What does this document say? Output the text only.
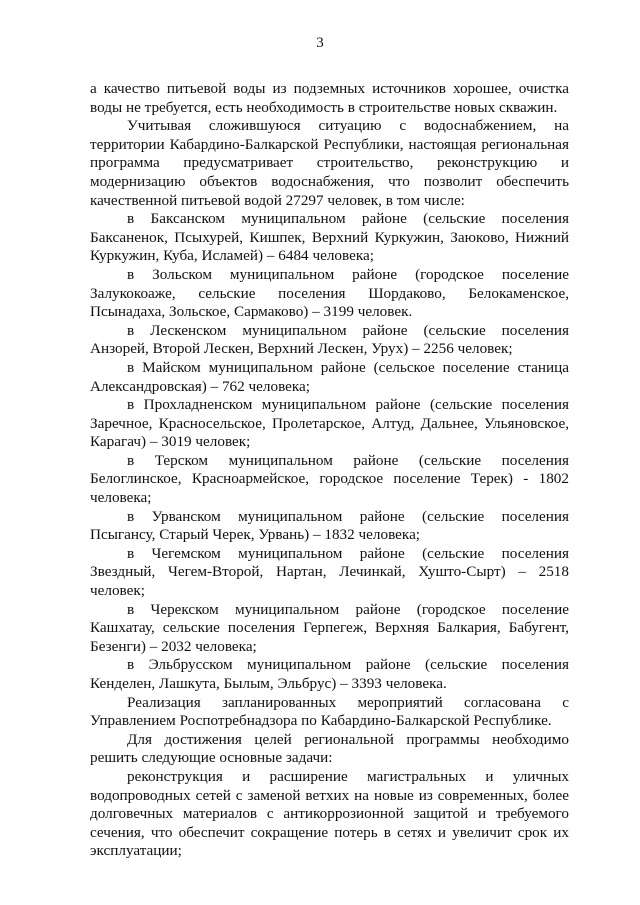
3

а качество питьевой воды из подземных источников хорошее, очистка воды не требуется, есть необходимость в строительстве новых скважин.

Учитывая сложившуюся ситуацию с водоснабжением, на территории Кабардино-Балкарской Республики, настоящая региональная программа предусматривает строительство, реконструкцию и модернизацию объектов водоснабжения, что позволит обеспечить качественной питьевой водой 27297 человек, в том числе:

в Баксанском муниципальном районе (сельские поселения Баксаненок, Псыхурей, Кишпек, Верхний Куркужин, Заюково, Нижний Куркужин, Куба, Исламей) – 6484 человека;

в Зольском муниципальном районе (городское поселение Залукокоаже, сельские поселения Шордаково, Белокаменское, Псынадаха, Зольское, Сармаково) – 3199 человек.

в Лескенском муниципальном районе (сельские поселения Анзорей, Второй Лескен, Верхний Лескен, Урух) – 2256 человек;

в Майском муниципальном районе (сельское поселение станица Александровская) – 762 человека;

в Прохладненском муниципальном районе (сельские поселения Заречное, Красносельское, Пролетарское, Алтуд, Дальнее, Ульяновское, Карагач) – 3019 человек;

в Терском муниципальном районе (сельские поселения Белоглинское, Красноармейское, городское поселение Терек) - 1802 человека;

в Урванском муниципальном районе (сельские поселения Псыгансу, Старый Черек, Урвань) – 1832 человека;

в Чегемском муниципальном районе (сельские поселения Звездный, Чегем-Второй, Нартан, Лечинкай, Хушто-Сырт) – 2518 человек;

в Черекском муниципальном районе (городское поселение Кашхатау, сельские поселения Герпегеж, Верхняя Балкария, Бабугент, Безенги) – 2032 человека;

в Эльбрусском муниципальном районе (сельские поселения Кенделен, Лашкута, Былым, Эльбрус) – 3393 человека.

Реализация запланированных мероприятий согласована с Управлением Роспотребнадзора по Кабардино-Балкарской Республике.

Для достижения целей региональной программы необходимо решить следующие основные задачи:

реконструкция и расширение магистральных и уличных водопроводных сетей с заменой ветхих на новые из современных, более долговечных материалов с антикоррозионной защитой и требуемого сечения, что обеспечит сокращение потерь в сетях и увеличит срок их эксплуатации;
